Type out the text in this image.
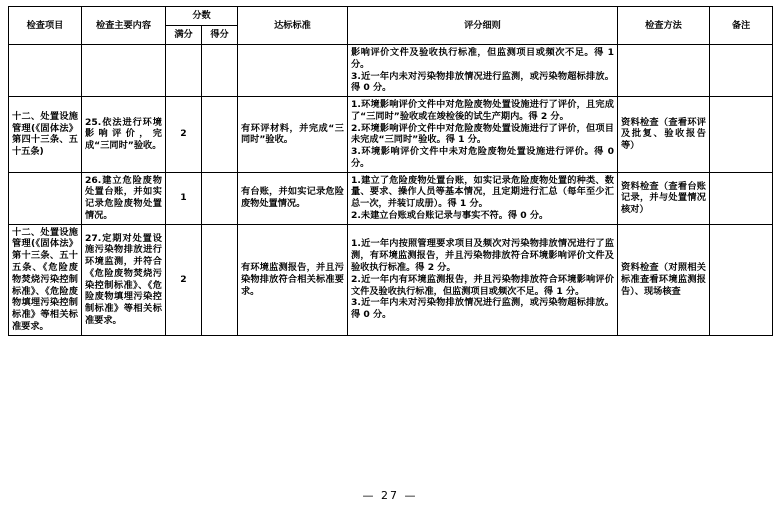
检查项目	检查主要内容	分数		达标标准	评分细则	检查方法	备注
		满分	得分				

					影响评价文件及验收执行标准，但监测项目或频次不足。得 1 分。

3.近一年内未对污染物排放情况进行监测，或污染物超标排放。得 0 分。		

十二、处置设施管理(《固体法》第四十三条、五十五条)	25.依法进行环境影响评价，完成“三同时”验收。	2		有环评材料，并完成“三同时”验收。	1.环境影响评价文件中对危险废物处置设施进行了评价，且完成了“三同时”验收或在竣检後的试生产期内。得 2 分。

2.环境影响评价文件中对危险废物处置设施进行了评价，但项目未完成“三同时”验收。得 1 分。

3.环境影响评价文件中未对危险废物处置设施进行评价。得 0 分。	资料检查（查看环评及批复、验收报告等）	
	26.建立危险废物处置台账，并如实记录危险废物处置情况。	1		有台账，并如实记录危险废物处置情况。	1.建立了危险废物处置台账，如实记录危险废物处置的种类、数量、要求、操作人员等基本情况，且定期进行汇总（每年至少汇总一次，并装订成册）。得 1 分。

2.未建立台账或台账记录与事实不符。得 0 分。	资料检查（查看台账记录，并与处置情况核对）	
十二、处置设施管理(《固体法》第十三条、五十五条、《危险废物焚烧污染控制标准》、《危险废物填埋污染控制标准》等相关标准要求。	27.定期对处置设施污染物排放进行环境监测，并符合《危险废物焚烧污染控制标准》、《危险废物填埋污染控制标准》等相关标准要求。	2		有环境监测报告，并且污染物排放符合相关标准要求。	1.近一年内按照管理要求项目及频次对污染物排放情况进行了监测，有环境监测报告，并且污染物排放符合环境影响评价文件及验收执行标准。得 2 分。

2.近一年内有环境监测报告，并且污染物排放符合环境影响评价文件及验收执行标准，但监测项目或频次不足。得 1 分。

3.近一年内未对污染物排放情况进行监测，或污染物超标排放。得 0 分。	资料检查（对照相关标准查看环境监测报告）、现场核查	
— 27 —
